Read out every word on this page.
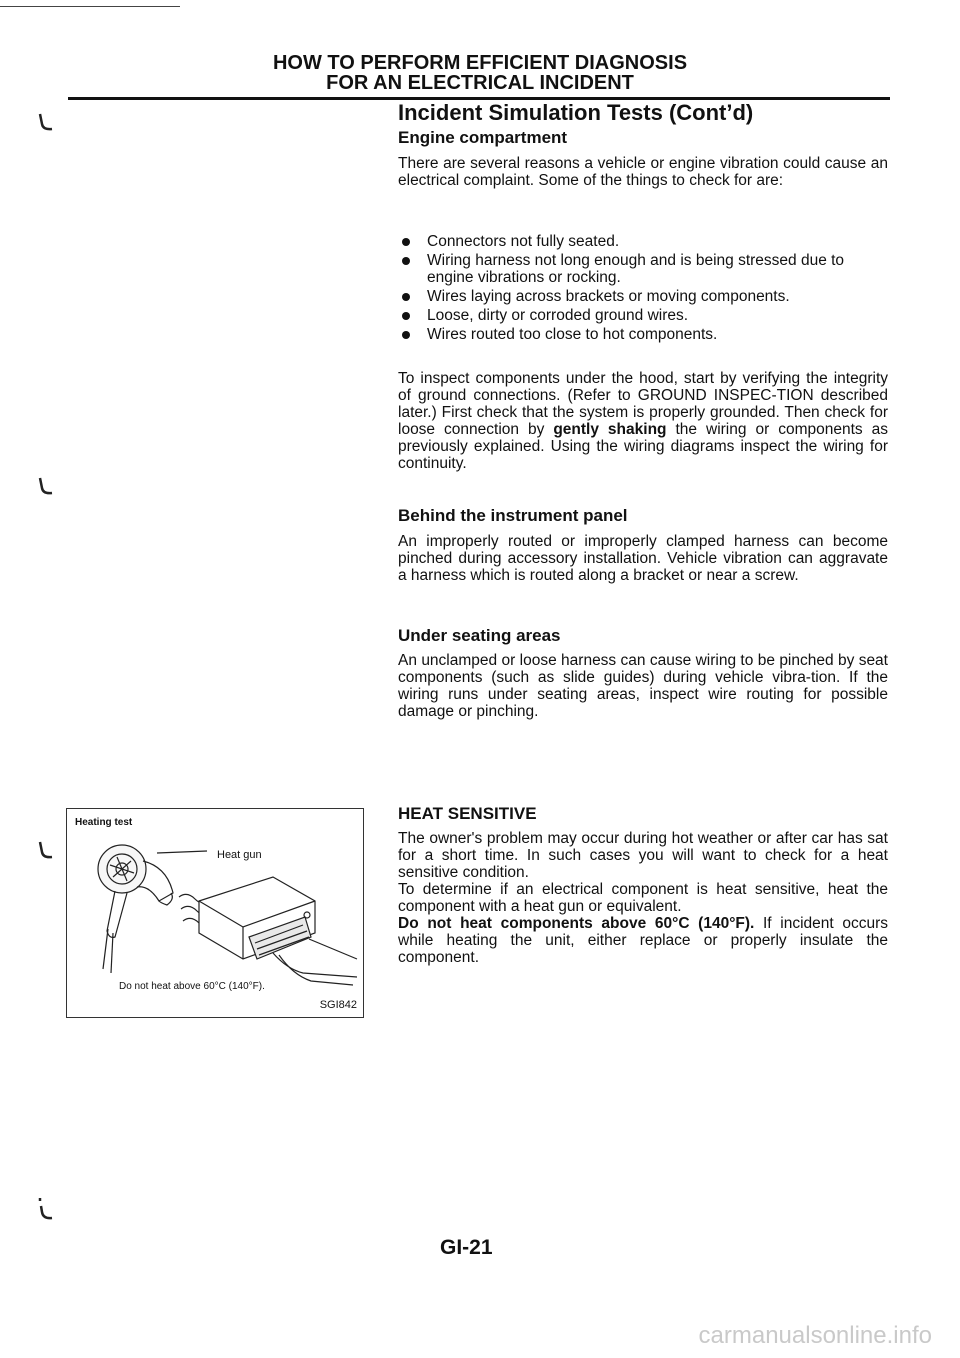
HOW TO PERFORM EFFICIENT DIAGNOSIS
FOR AN ELECTRICAL INCIDENT
Incident Simulation Tests (Cont’d)
Engine compartment
There are several reasons a vehicle or engine vibration could cause an electrical complaint. Some of the things to check for are:
Connectors not fully seated.
Wiring harness not long enough and is being stressed due to engine vibrations or rocking.
Wires laying across brackets or moving components.
Loose, dirty or corroded ground wires.
Wires routed too close to hot components.
To inspect components under the hood, start by verifying the integrity of ground connections. (Refer to GROUND INSPEC-TION described later.) First check that the system is properly grounded. Then check for loose connection by gently shaking the wiring or components as previously explained. Using the wiring diagrams inspect the wiring for continuity.
Behind the instrument panel
An improperly routed or improperly clamped harness can become pinched during accessory installation. Vehicle vibration can aggravate a harness which is routed along a bracket or near a screw.
Under seating areas
An unclamped or loose harness can cause wiring to be pinched by seat components (such as slide guides) during vehicle vibra-tion. If the wiring runs under seating areas, inspect wire routing for possible damage or pinching.
HEAT SENSITIVE
The owner's problem may occur during hot weather or after car has sat for a short time. In such cases you will want to check for a heat sensitive condition.
To determine if an electrical component is heat sensitive, heat the component with a heat gun or equivalent.
Do not heat components above 60°C (140°F). If incident occurs while heating the unit, either replace or properly insulate the component.
Heating test
Heat gun
Do not heat above 60°C (140°F).
SGI842
GI-21
carmanualsonline.info
